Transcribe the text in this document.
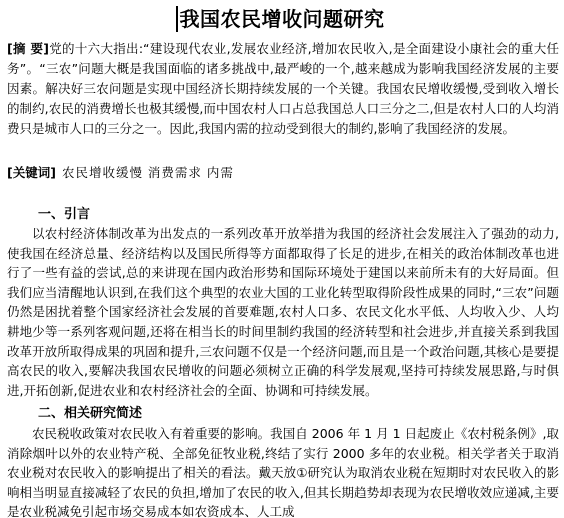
我国农民增收问题研究
[摘 要]党的十六大指出:“建设现代农业,发展农业经济,增加农民收入,是全面建设小康社会的重大任务”。“三农”问题大概是我国面临的诸多挑战中,最严峻的一个,越来越成为影响我国经济发展的主要因素。解决好三农问题是实现中国经济长期持续发展的一个关键。我国农民增收缓慢,受到收入增长的制约,农民的消费增长也极其缓慢,而中国农村人口占总我国总人口三分之二,但是农村人口的人均消费只是城市人口的三分之一。因此,我国内需的拉动受到很大的制约,影响了我国经济的发展。
[关键词] 农民增收缓慢 消费需求 内需
一、引言
以农村经济体制改革为出发点的一系列改革开放举措为我国的经济社会发展注入了强劲的动力,使我国在经济总量、经济结构以及国民所得等方面都取得了长足的进步,在相关的政治体制改革也进行了一些有益的尝试,总的来讲现在国内政治形势和国际环境处于建国以来前所未有的大好局面。但我们应当清醒地认识到,在我们这个典型的农业大国的工业化转型取得阶段性成果的同时,“三农”问题仍然是困扰着整个国家经济社会发展的首要难题,农村人口多、农民文化水平低、人均收入少、人均耕地少等一系列客观问题,还将在相当长的时间里制约我国的经济转型和社会进步,并直接关系到我国改革开放所取得成果的巩固和提升,三农问题不仅是一个经济问题,而且是一个政治问题,其核心是要提高农民的收入,要解决我国农民增收的问题必须树立正确的科学发展观,坚持可持续发展思路,与时俱进,开拓创新,促进农业和农村经济社会的全面、协调和可持续发展。
二、相关研究简述
农民税收政策对农民收入有着重要的影响。我国自 2006 年 1 月 1 日起废止《农村税条例》,取消除烟叶以外的农业特产税、全部免征牧业税,终结了实行 2000 多年的农业税。相关学者关于取消农业税对农民收入的影响提出了相关的看法。戴天放①研究认为取消农业税在短期时对农民收入的影响相当明显直接减轻了农民的负担,增加了农民的收入,但其长期趋势却表现为农民增收效应递减,主要是农业税减免引起市场交易成本如农资成本、人工成
